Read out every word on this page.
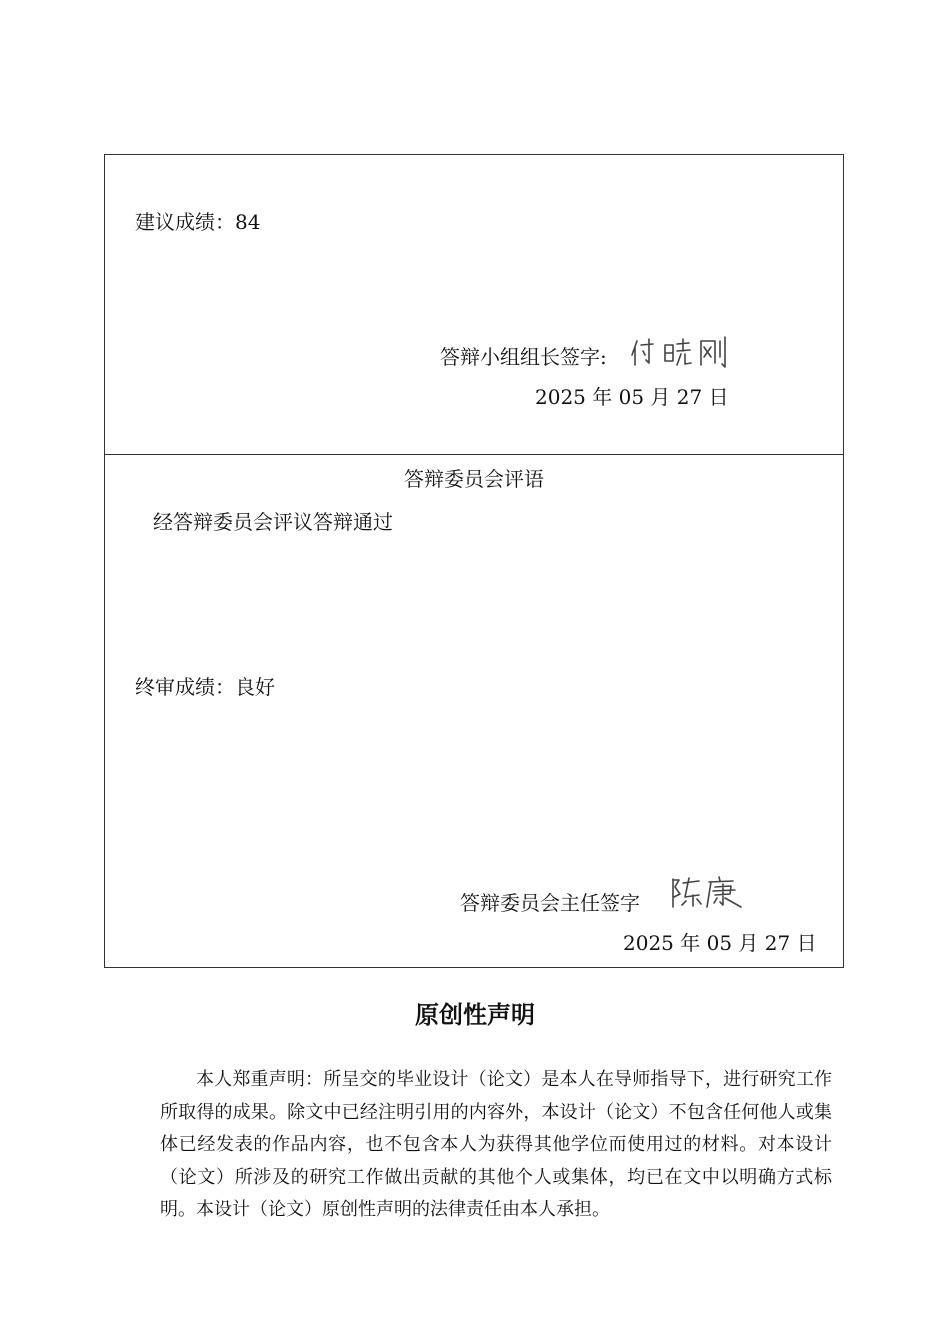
建议成绩：84
答辩小组组长签字:
2025 年 05 月 27 日
答辩委员会评语
经答辩委员会评议答辩通过
终审成绩：良好
答辩委员会主任签字
2025 年 05 月 27 日
原创性声明
本人郑重声明：所呈交的毕业设计（论文）是本人在导师指导下，进行研究工作所取得的成果。除文中已经注明引用的内容外，本设计（论文）不包含任何他人或集体已经发表的作品内容，也不包含本人为获得其他学位而使用过的材料。对本设计（论文）所涉及的研究工作做出贡献的其他个人或集体，均已在文中以明确方式标明。本设计（论文）原创性声明的法律责任由本人承担。
